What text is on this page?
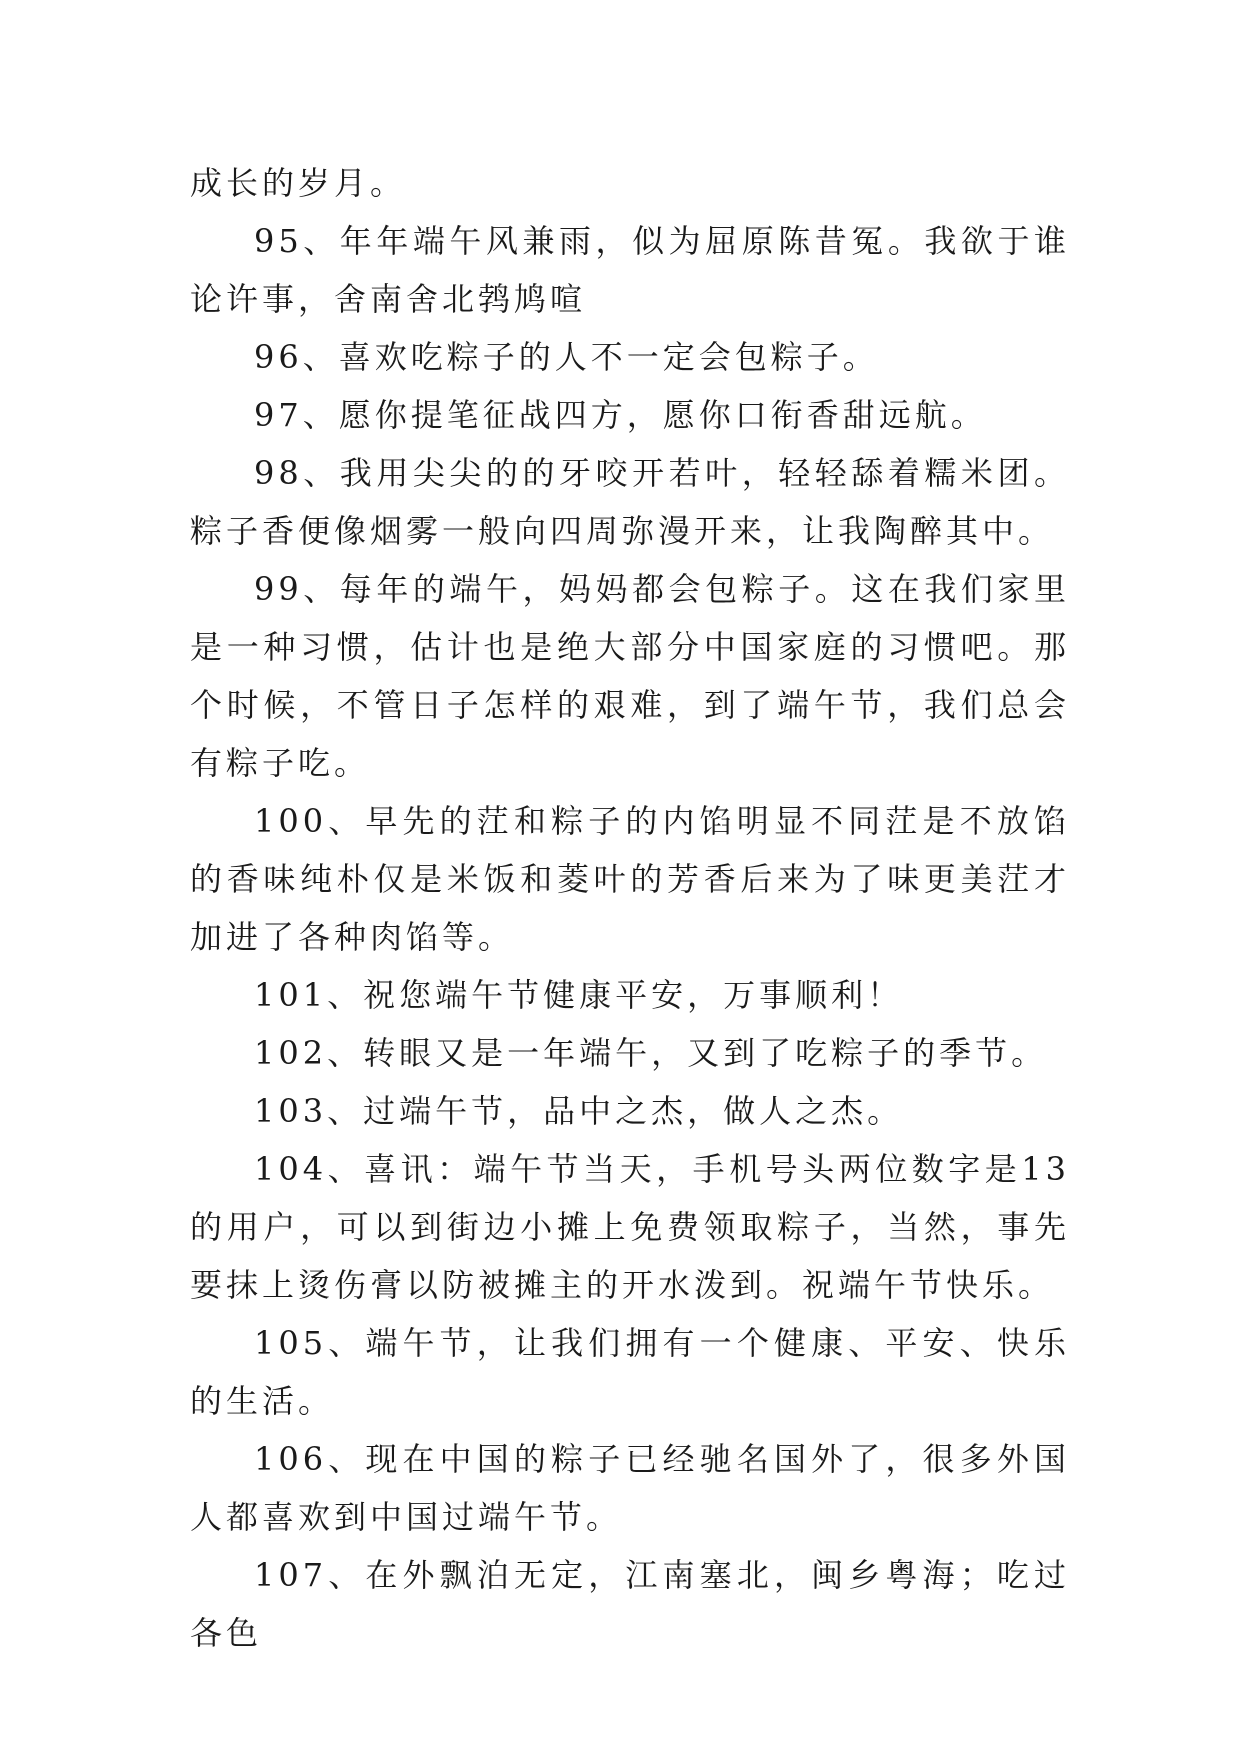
成长的岁月。

95、年年端午风兼雨，似为屈原陈昔冤。我欲于谁论许事，舍南舍北鹁鸠喧

96、喜欢吃粽子的人不一定会包粽子。

97、愿你提笔征战四方，愿你口衔香甜远航。

98、我用尖尖的的牙咬开若叶，轻轻舔着糯米团。粽子香便像烟雾一般向四周弥漫开来，让我陶醉其中。

99、每年的端午，妈妈都会包粽子。这在我们家里是一种习惯，估计也是绝大部分中国家庭的习惯吧。那个时候，不管日子怎样的艰难，到了端午节，我们总会有粽子吃。

100、早先的茳和粽子的内馅明显不同茳是不放馅的香味纯朴仅是米饭和菱叶的芳香后来为了味更美茳才加进了各种肉馅等。

101、祝您端午节健康平安，万事顺利！

102、转眼又是一年端午，又到了吃粽子的季节。

103、过端午节，品中之杰，做人之杰。

104、喜讯：端午节当天，手机号头两位数字是13的用户，可以到街边小摊上免费领取粽子，当然，事先要抹上烫伤膏以防被摊主的开水泼到。祝端午节快乐。

105、端午节，让我们拥有一个健康、平安、快乐的生活。

106、现在中国的粽子已经驰名国外了，很多外国人都喜欢到中国过端午节。

107、在外飘泊无定，江南塞北，闽乡粤海；吃过各色
